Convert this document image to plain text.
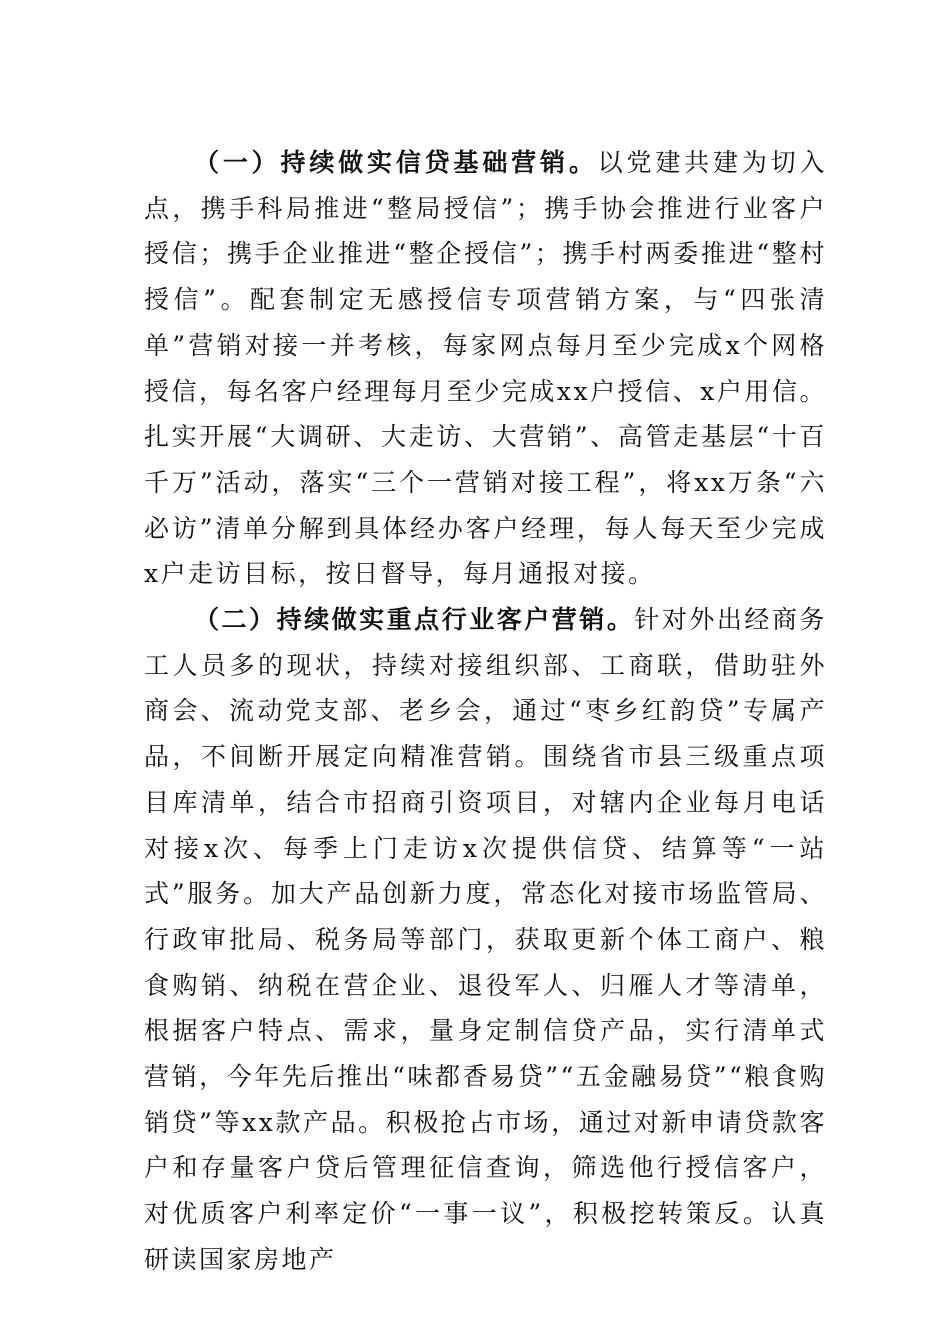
（一）持续做实信贷基础营销。以党建共建为切入点，携手科局推进“整局授信”；携手协会推进行业客户授信；携手企业推进“整企授信”；携手村两委推进“整村授信”。配套制定无感授信专项营销方案，与“四张清单”营销对接一并考核，每家网点每月至少完成x个网格授信，每名客户经理每月至少完成xx户授信、x户用信。扎实开展“大调研、大走访、大营销”、高管走基层“十百千万”活动，落实“三个一营销对接工程”，将xx万条“六必访”清单分解到具体经办客户经理，每人每天至少完成x户走访目标，按日督导，每月通报对接。

（二）持续做实重点行业客户营销。针对外出经商务工人员多的现状，持续对接组织部、工商联，借助驻外商会、流动党支部、老乡会，通过“枣乡红韵贷”专属产品，不间断开展定向精准营销。围绕省市县三级重点项目库清单，结合市招商引资项目，对辖内企业每月电话对接x次、每季上门走访x次提供信贷、结算等“一站式”服务。加大产品创新力度，常态化对接市场监管局、行政审批局、税务局等部门，获取更新个体工商户、粮食购销、纳税在营企业、退役军人、归雁人才等清单，根据客户特点、需求，量身定制信贷产品，实行清单式营销，今年先后推出“味都香易贷”“五金融易贷”“粮食购销贷”等xx款产品。积极抢占市场，通过对新申请贷款客户和存量客户贷后管理征信查询，筛选他行授信客户，对优质客户利率定价“一事一议”，积极挖转策反。认真研读国家房地产
